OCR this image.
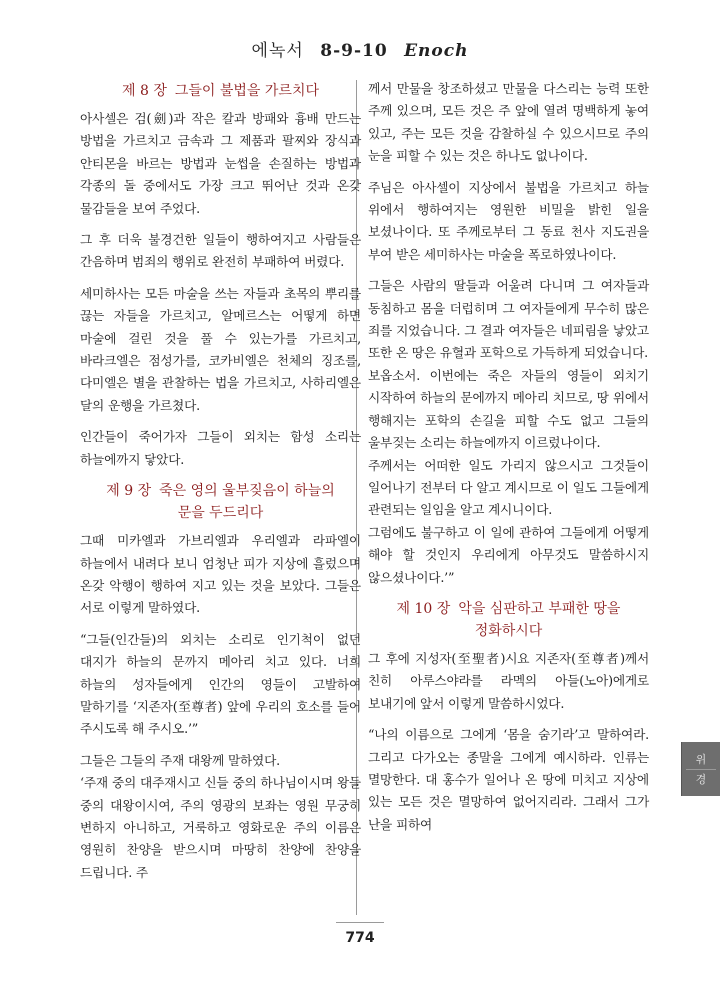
에녹서 8-9-10 Enoch
제 8 장 그들이 불법을 가르치다

아사셀은 검(劍)과 작은 칼과 방패와 흉배 만드는 방법을 가르치고 금속과 그 제품과 팔찌와 장식과 안티몬을 바르는 방법과 눈썹을 손질하는 방법과 각종의 돌 중에서도 가장 크고 뛰어난 것과 온갖 물감들을 보여 주었다.

그 후 더욱 불경건한 일들이 행하여지고 사람들은 간음하며 범죄의 행위로 완전히 부패하여 버렸다.

세미하사는 모든 마술을 쓰는 자들과 초목의 뿌리를 끊는 자들을 가르치고, 알메르스는 어떻게 하면 마술에 걸린 것을 풀 수 있는가를 가르치고, 바라크엘은 점성가를, 코카비엘은 천체의 징조를, 다미엘은 별을 관찰하는 법을 가르치고, 사하리엘은 달의 운행을 가르쳤다.

인간들이 죽어가자 그들이 외치는 함성 소리는 하늘에까지 닿았다.

제 9 장 죽은 영의 울부짖음이 하늘의
문을 두드리다

그때 미카엘과 가브리엘과 우리엘과 라파엘이 하늘에서 내려다 보니 엄청난 피가 지상에 흘렀으며 온갖 악행이 행하여 지고 있는 것을 보았다. 그들은 서로 이렇게 말하였다.

“그들(인간들)의 외치는 소리로 인기척이 없던 대지가 하늘의 문까지 메아리 치고 있다. 너희 하늘의 성자들에게 인간의 영들이 고발하여 말하기를 ‘지존자(至尊者) 앞에 우리의 호소를 들어 주시도록 해 주시오.’”

그들은 그들의 주재 대왕께 말하였다.

‘주재 중의 대주재시고 신들 중의 하나님이시며 왕들 중의 대왕이시여, 주의 영광의 보좌는 영원 무궁히 변하지 아니하고, 거룩하고 영화로운 주의 이름은 영원히 찬양을 받으시며 마땅히 찬양에 찬양을 드립니다. 주

께서 만물을 창조하셨고 만물을 다스리는 능력 또한 주께 있으며, 모든 것은 주 앞에 열려 명백하게 놓여 있고, 주는 모든 것을 감찰하실 수 있으시므로 주의 눈을 피할 수 있는 것은 하나도 없나이다.

주님은 아사셀이 지상에서 불법을 가르치고 하늘 위에서 행하여지는 영원한 비밀을 밝힌 일을 보셨나이다. 또 주께로부터 그 동료 천사 지도권을 부여 받은 세미하사는 마술을 폭로하였나이다.

그들은 사람의 딸들과 어울려 다니며 그 여자들과 동침하고 몸을 더럽히며 그 여자들에게 무수히 많은 죄를 지었습니다. 그 결과 여자들은 네피림을 낳았고 또한 온 땅은 유혈과 포학으로 가득하게 되었습니다.

보옵소서. 이번에는 죽은 자들의 영들이 외치기 시작하여 하늘의 문에까지 메아리 치므로, 땅 위에서 행해지는 포학의 손길을 피할 수도 없고 그들의 울부짖는 소리는 하늘에까지 이르렀나이다.

주께서는 어떠한 일도 가리지 않으시고 그것들이 일어나기 전부터 다 알고 계시므로 이 일도 그들에게 관련되는 일임을 알고 계시니이다.

그럼에도 불구하고 이 일에 관하여 그들에게 어떻게 해야 할 것인지 우리에게 아무것도 말씀하시지 않으셨나이다.’”

제 10 장 악을 심판하고 부패한 땅을
정화하시다

그 후에 지성자(至聖者)시요 지존자(至尊者)께서 친히 아루스야라를 라멕의 아들(노아)에게로 보내기에 앞서 이렇게 말씀하시었다.

“나의 이름으로 그에게 ‘몸을 숨기라’고 말하여라. 그리고 다가오는 종말을 그에게 예시하라. 인류는 멸망한다. 대 홍수가 일어나 온 땅에 미치고 지상에 있는 모든 것은 멸망하여 없어지리라. 그래서 그가 난을 피하여

위
경
774
